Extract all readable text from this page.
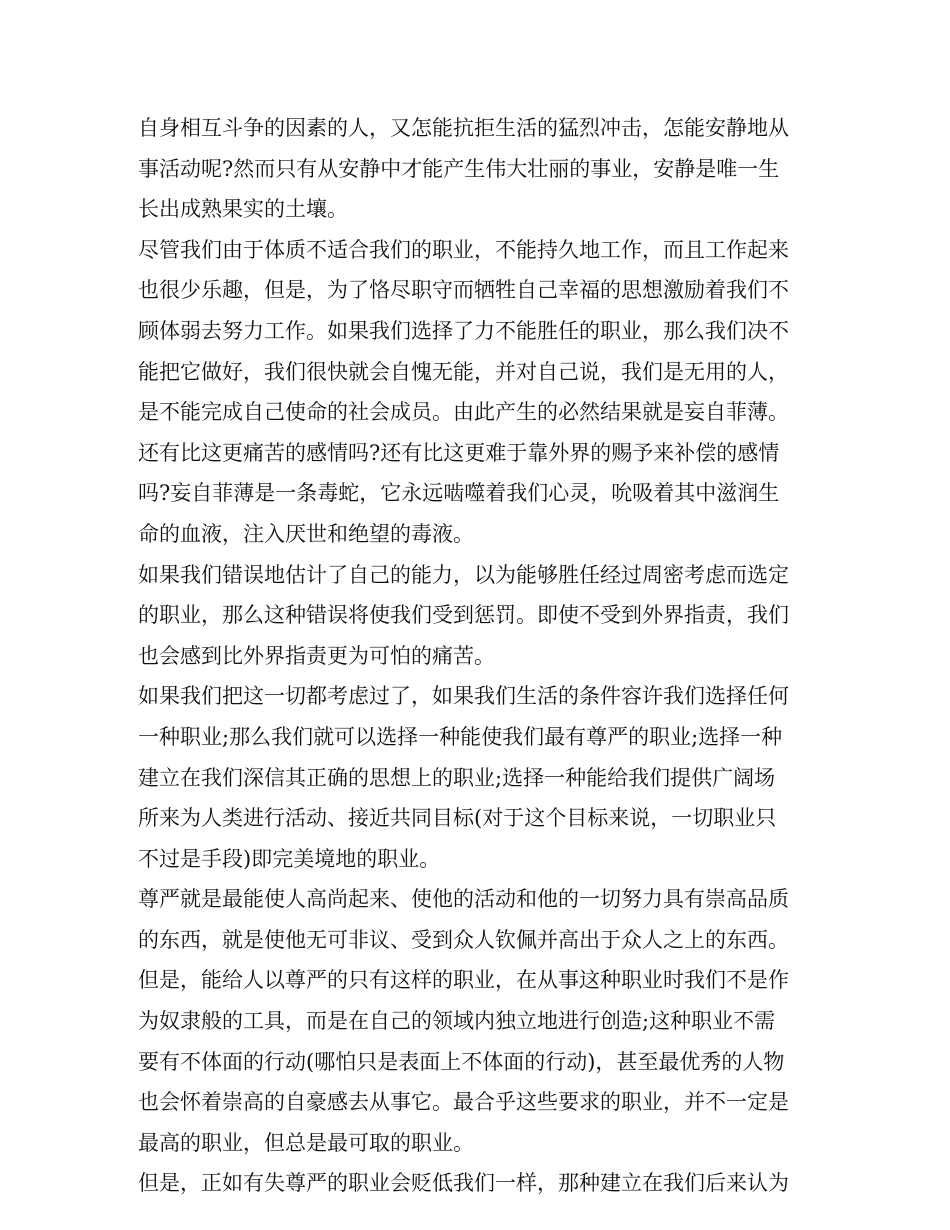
自身相互斗争的因素的人，又怎能抗拒生活的猛烈冲击，怎能安静地从
事活动呢?然而只有从安静中才能产生伟大壮丽的事业，安静是唯一生
长出成熟果实的土壤。
尽管我们由于体质不适合我们的职业，不能持久地工作，而且工作起来
也很少乐趣，但是，为了恪尽职守而牺牲自己幸福的思想激励着我们不
顾体弱去努力工作。如果我们选择了力不能胜任的职业，那么我们决不
能把它做好，我们很快就会自愧无能，并对自己说，我们是无用的人，
是不能完成自己使命的社会成员。由此产生的必然结果就是妄自菲薄。
还有比这更痛苦的感情吗?还有比这更难于靠外界的赐予来补偿的感情
吗?妄自菲薄是一条毒蛇，它永远啮噬着我们心灵，吮吸着其中滋润生
命的血液，注入厌世和绝望的毒液。
如果我们错误地估计了自己的能力，以为能够胜任经过周密考虑而选定
的职业，那么这种错误将使我们受到惩罚。即使不受到外界指责，我们
也会感到比外界指责更为可怕的痛苦。
如果我们把这一切都考虑过了，如果我们生活的条件容许我们选择任何
一种职业;那么我们就可以选择一种能使我们最有尊严的职业;选择一种
建立在我们深信其正确的思想上的职业;选择一种能给我们提供广阔场
所来为人类进行活动、接近共同目标(对于这个目标来说，一切职业只
不过是手段)即完美境地的职业。
尊严就是最能使人高尚起来、使他的活动和他的一切努力具有崇高品质
的东西，就是使他无可非议、受到众人钦佩并高出于众人之上的东西。
但是，能给人以尊严的只有这样的职业，在从事这种职业时我们不是作
为奴隶般的工具，而是在自己的领域内独立地进行创造;这种职业不需
要有不体面的行动(哪怕只是表面上不体面的行动)，甚至最优秀的人物
也会怀着崇高的自豪感去从事它。最合乎这些要求的职业，并不一定是
最高的职业，但总是最可取的职业。
但是，正如有失尊严的职业会贬低我们一样，那种建立在我们后来认为
